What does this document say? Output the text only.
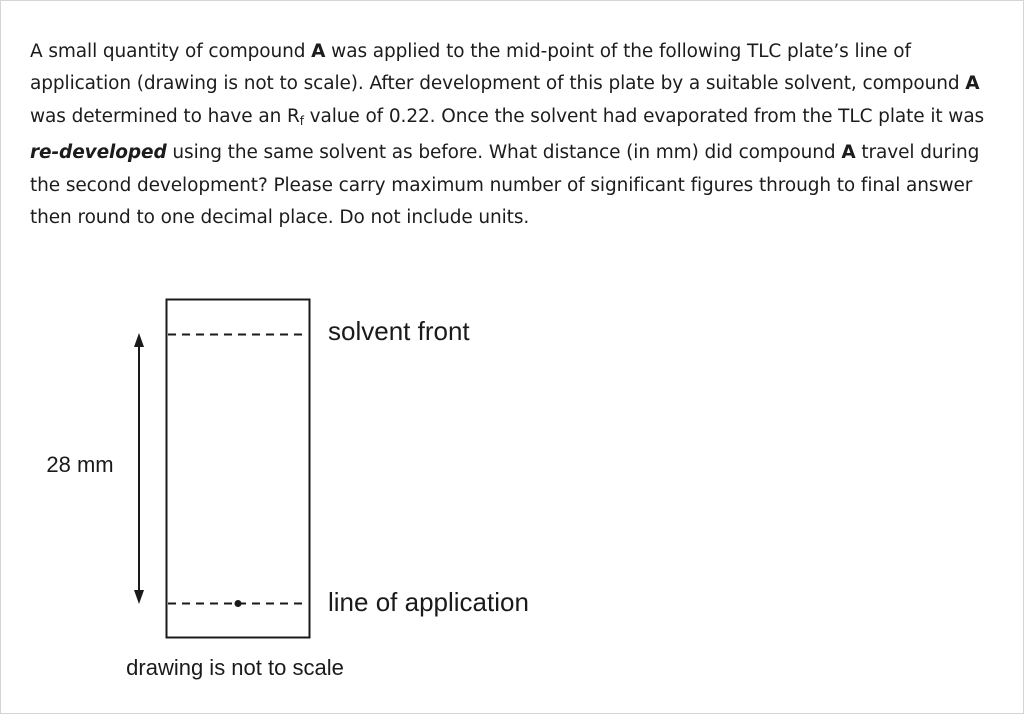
A small quantity of compound A was applied to the mid-point of the following TLC plate’s line of application (drawing is not to scale). After development of this plate by a suitable solvent, compound A was determined to have an Rf value of 0.22. Once the solvent had evaporated from the TLC plate it was re-developed using the same solvent as before. What distance (in mm) did compound A travel during the second development? Please carry maximum number of significant figures through to final answer then round to one decimal place. Do not include units.

28 mm
solvent front
line of application
drawing is not to scale
